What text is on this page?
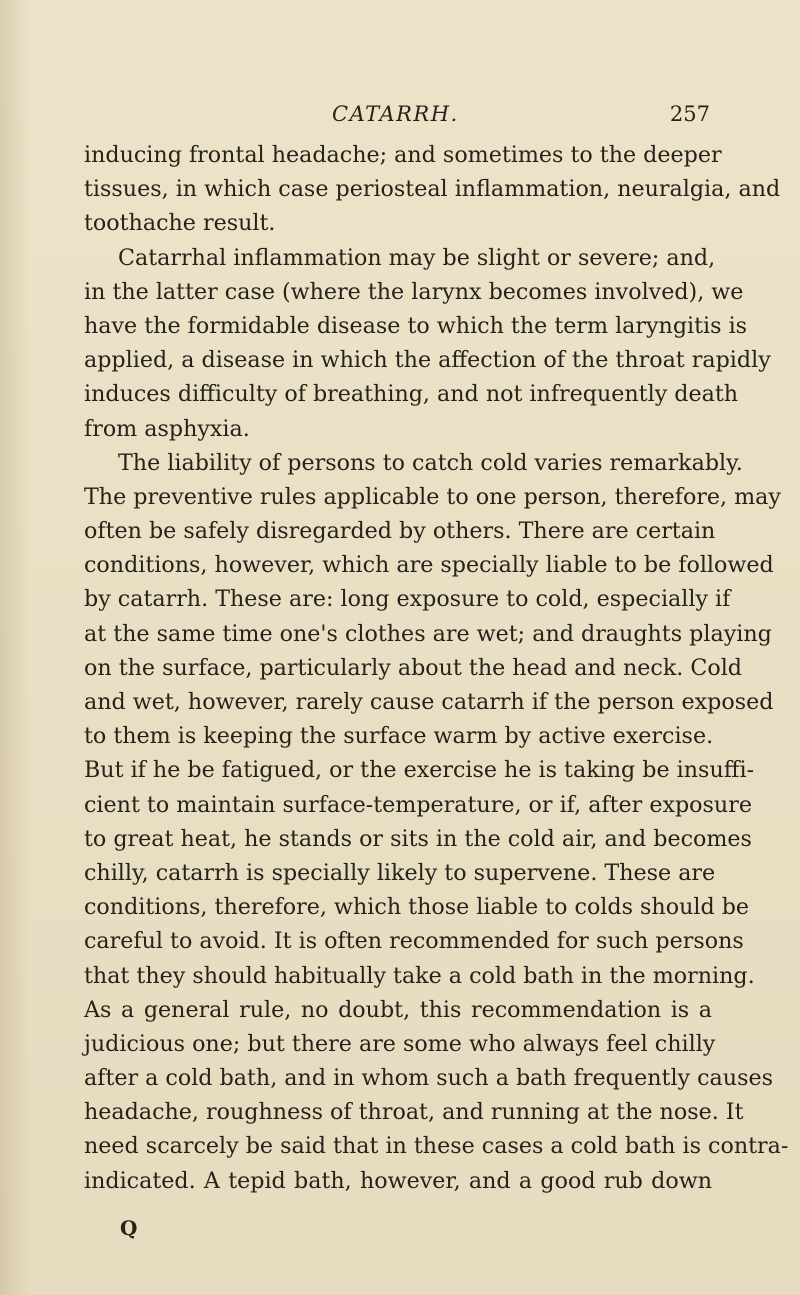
CATARRH.	257
inducing frontal headache; and sometimes to the deeper
tissues, in which case periosteal inflammation, neuralgia, and
toothache result.
Catarrhal inflammation may be slight or severe; and,
in the latter case (where the larynx becomes involved), we
have the formidable disease to which the term laryngitis is
applied, a disease in which the affection of the throat rapidly
induces difficulty of breathing, and not infrequently death
from asphyxia.
The liability of persons to catch cold varies remarkably.
The preventive rules applicable to one person, therefore, may
often be safely disregarded by others. There are certain
conditions, however, which are specially liable to be followed
by catarrh. These are: long exposure to cold, especially if
at the same time one's clothes are wet; and draughts playing
on the surface, particularly about the head and neck. Cold
and wet, however, rarely cause catarrh if the person exposed
to them is keeping the surface warm by active exercise.
But if he be fatigued, or the exercise he is taking be insuffi-
cient to maintain surface-temperature, or if, after exposure
to great heat, he stands or sits in the cold air, and becomes
chilly, catarrh is specially likely to supervene. These are
conditions, therefore, which those liable to colds should be
careful to avoid. It is often recommended for such persons
that they should habitually take a cold bath in the morning.
As a general rule, no doubt, this recommendation is a
judicious one; but there are some who always feel chilly
after a cold bath, and in whom such a bath frequently causes
headache, roughness of throat, and running at the nose. It
need scarcely be said that in these cases a cold bath is contra-
indicated. A tepid bath, however, and a good rub down
Q
